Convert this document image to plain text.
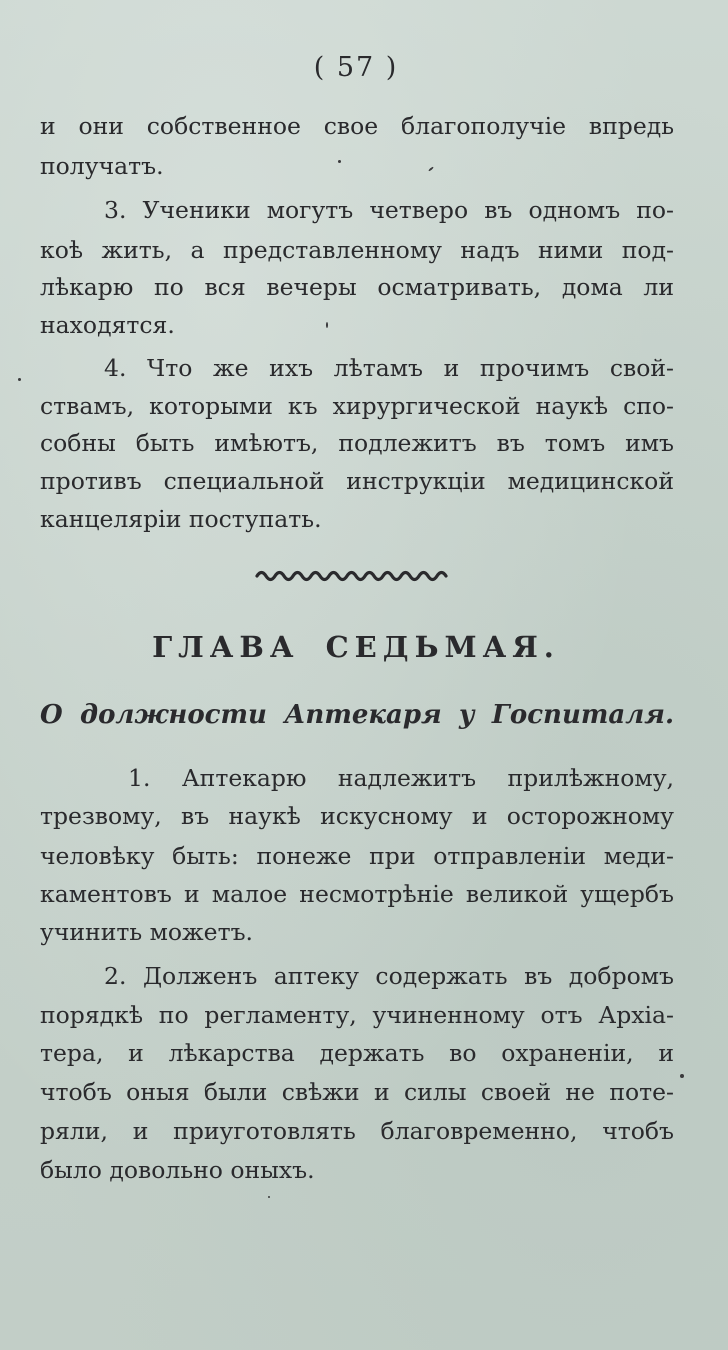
( 57 )
и они собственное свое благополучіе впредь
получатъ.
3. Ученики могутъ четверо въ одномъ по-
коѣ жить, а представленному надъ ними под-
лѣкарю по вся вечеры осматривать, дома ли
находятся.
4. Что же ихъ лѣтамъ и прочимъ свой-
ствамъ, которыми къ хирургической наукѣ спо-
собны быть имѣютъ, подлежитъ въ томъ имъ
противъ специальной инструкціи медицинской
канцеляріи поступать.
ГЛАВА СЕДЬМАЯ.
О должности Аптекаря у Госпиталя.
1. Аптекарю надлежитъ прилѣжному,
трезвому, въ наукѣ искусному и осторожному
человѣку быть: понеже при отправленіи меди-
каментовъ и малое несмотрѣніе великой ущербъ
учинить можетъ.
2. Долженъ аптеку содержать въ добромъ
порядкѣ по регламенту, учиненному отъ Архіа-
тера, и лѣкарства держать во охраненіи, и
чтобъ оныя были свѣжи и силы своей не поте-
ряли, и приуготовлять благовременно, чтобъ
было довольно оныхъ.
